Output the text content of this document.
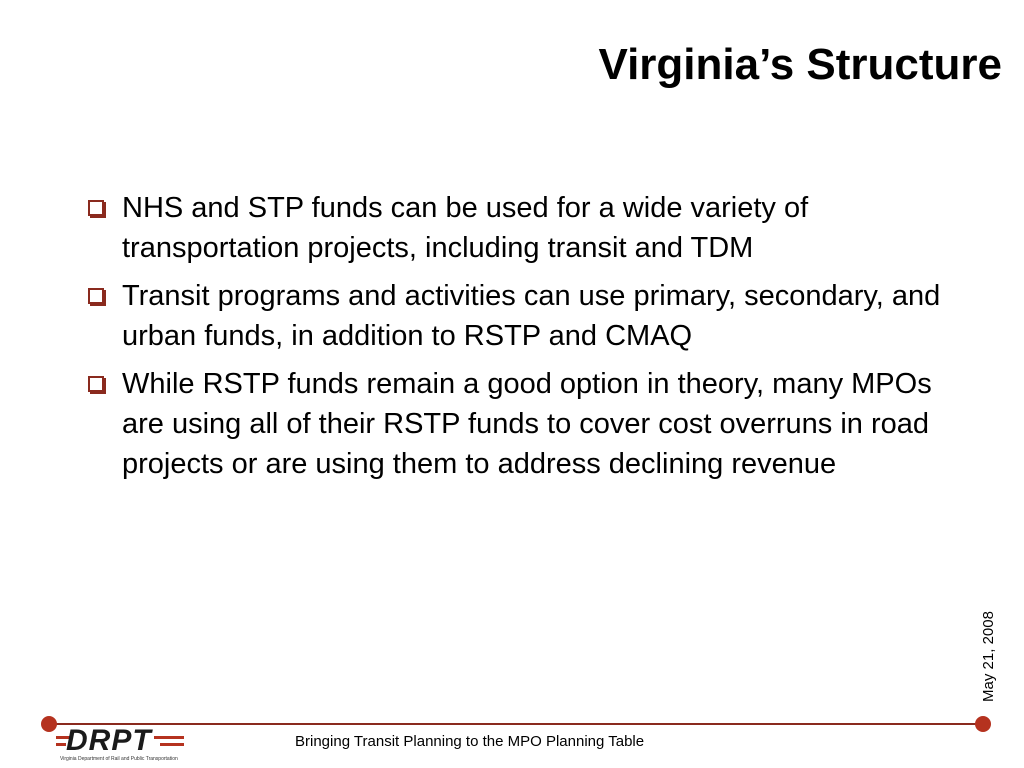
Virginia’s Structure
NHS and STP funds can be used for a wide variety of transportation projects, including transit and TDM
Transit programs and activities can use primary, secondary, and urban funds, in addition to RSTP and CMAQ
While RSTP funds remain a good option in theory, many MPOs are using all of their RSTP funds to cover cost overruns in road projects or are using them to address declining revenue
May 21, 2008
DRPT
Virginia Department of Rail and Public Transportation
Bringing Transit Planning to the MPO Planning Table
